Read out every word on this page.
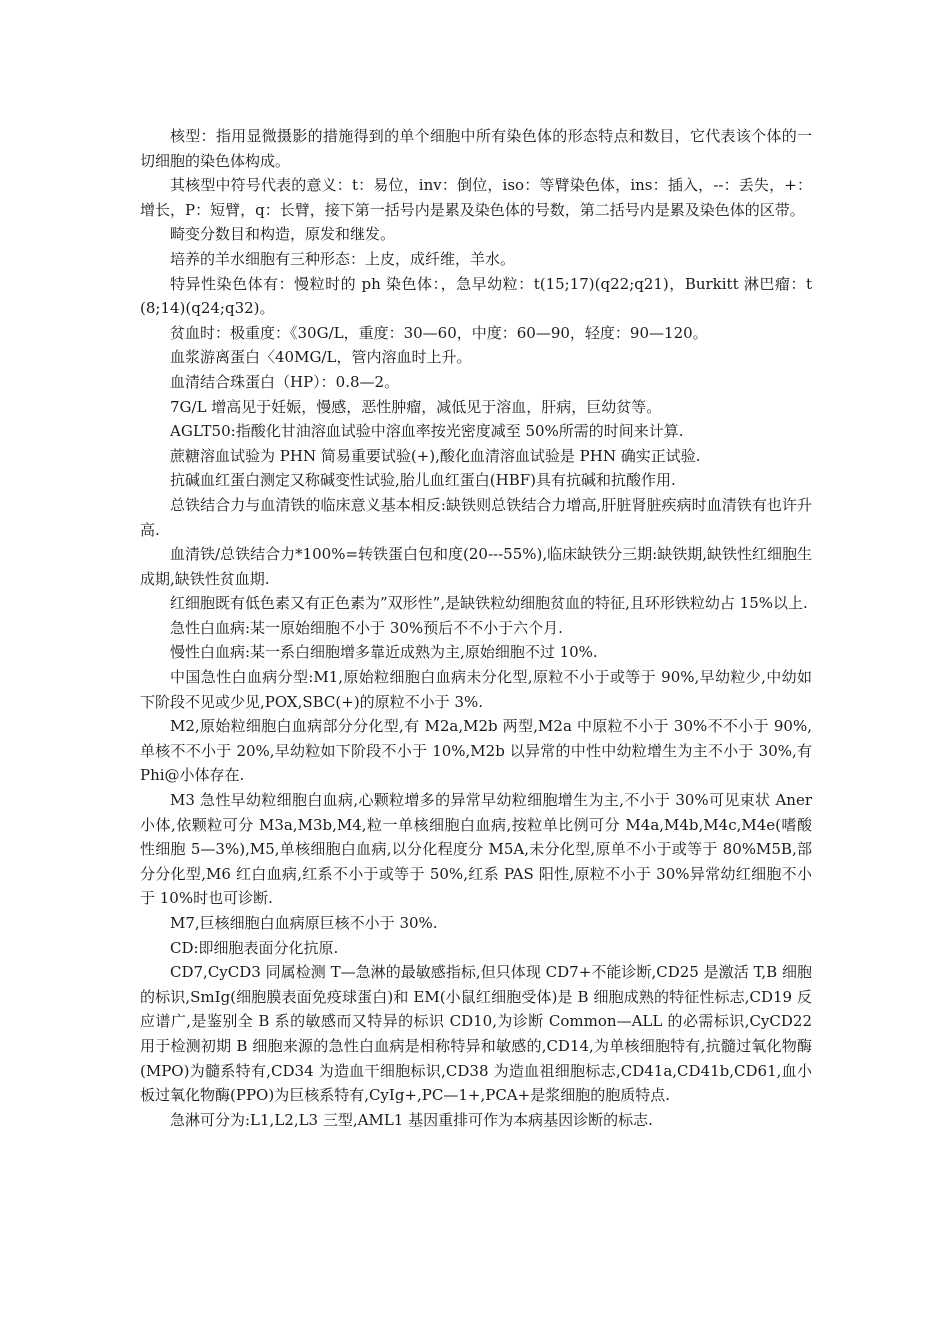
核型：指用显微摄影的措施得到的单个细胞中所有染色体的形态特点和数目，它代表该个体的一切细胞的染色体构成。

其核型中符号代表的意义：t：易位，inv：倒位，iso：等臂染色体，ins：插入，--：丢失，+：增长，P：短臂，q：长臂，接下第一括号内是累及染色体的号数，第二括号内是累及染色体的区带。

畸变分数目和构造，原发和继发。

培养的羊水细胞有三种形态：上皮，成纤维，羊水。

特异性染色体有：慢粒时的 ph 染色体：，急早幼粒：t(15;17)(q22;q21)，Burkitt 淋巴瘤：t(8;14)(q24;q32)。

贫血时：极重度：《30G/L，重度：30—60，中度：60—90，轻度：90—120。

血浆游离蛋白〈40MG/L，管内溶血时上升。

血清结合珠蛋白（HP）：0.8—2。

7G/L 增高见于妊娠，慢感，恶性肿瘤，减低见于溶血，肝病，巨幼贫等。

AGLT50:指酸化甘油溶血试验中溶血率按光密度减至 50%所需的时间来计算.

蔗糖溶血试验为 PHN 简易重要试验(+),酸化血清溶血试验是 PHN 确实正试验.

抗碱血红蛋白测定又称碱变性试验,胎儿血红蛋白(HBF)具有抗碱和抗酸作用.

总铁结合力与血清铁的临床意义基本相反:缺铁则总铁结合力增高,肝脏肾脏疾病时血清铁有也许升高.

血清铁/总铁结合力*100%=转铁蛋白包和度(20---55%),临床缺铁分三期:缺铁期,缺铁性红细胞生成期,缺铁性贫血期.

红细胞既有低色素又有正色素为”双形性”,是缺铁粒幼细胞贫血的特征,且环形铁粒幼占 15%以上.

急性白血病:某一原始细胞不小于 30%预后不不小于六个月.

慢性白血病:某一系白细胞增多靠近成熟为主,原始细胞不过 10%.

中国急性白血病分型:M1,原始粒细胞白血病未分化型,原粒不小于或等于 90%,早幼粒少,中幼如下阶段不见或少见,POX,SBC(+)的原粒不小于 3%.

M2,原始粒细胞白血病部分分化型,有 M2a,M2b 两型,M2a 中原粒不小于 30%不不小于 90%,单核不不小于 20%,早幼粒如下阶段不小于 10%,M2b 以异常的中性中幼粒增生为主不小于 30%,有 Phi@小体存在.

M3 急性早幼粒细胞白血病,心颗粒增多的异常早幼粒细胞增生为主,不小于 30%可见束状 Aner 小体,依颗粒可分 M3a,M3b,M4,粒一单核细胞白血病,按粒单比例可分 M4a,M4b,M4c,M4e(嗜酸性细胞 5—3%),M5,单核细胞白血病,以分化程度分 M5A,未分化型,原单不小于或等于 80%M5B,部分分化型,M6 红白血病,红系不小于或等于 50%,红系 PAS 阳性,原粒不小于 30%异常幼红细胞不小于 10%时也可诊断.

M7,巨核细胞白血病原巨核不小于 30%.

CD:即细胞表面分化抗原.

CD7,CyCD3 同属检测 T—急淋的最敏感指标,但只体现 CD7+不能诊断,CD25 是激活 T,B 细胞的标识,SmIg(细胞膜表面免疫球蛋白)和 EM(小鼠红细胞受体)是 B 细胞成熟的特征性标志,CD19 反应谱广,是鉴别全 B 系的敏感而又特异的标识 CD10,为诊断 Common—ALL 的必需标识,CyCD22 用于检测初期 B 细胞来源的急性白血病是相称特异和敏感的,CD14,为单核细胞特有,抗髓过氧化物酶(MPO)为髓系特有,CD34 为造血干细胞标识,CD38 为造血祖细胞标志,CD41a,CD41b,CD61,血小板过氧化物酶(PPO)为巨核系特有,CyIg+,PC—1+,PCA+是浆细胞的胞质特点.

急淋可分为:L1,L2,L3 三型,AML1 基因重排可作为本病基因诊断的标志.
